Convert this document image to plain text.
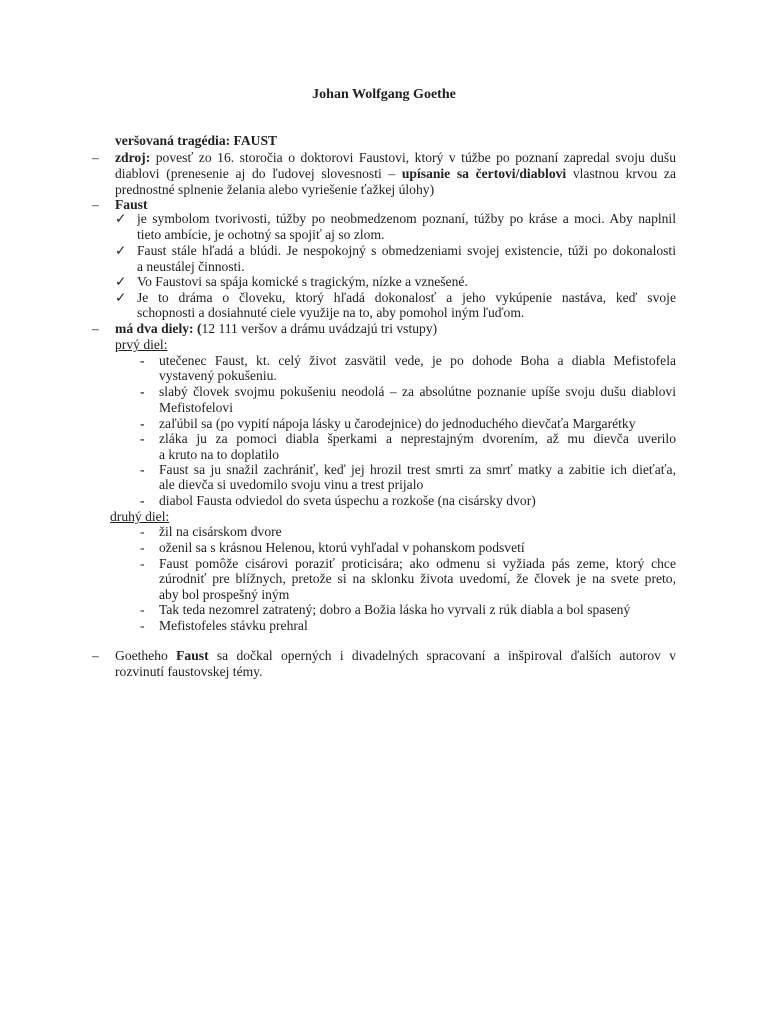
Johan Wolfgang Goethe
veršovaná tragédia: FAUST
– zdroj: povesť zo 16. storočia o doktorovi Faustovi, ktorý v túžbe po poznaní zapredal svoju dušu
diablovi (prenesenie aj do ľudovej slovesnosti – upísanie sa čertovi/diablovi vlastnou krvou za
prednostné splnenie želania alebo vyriešenie ťažkej úlohy)
– Faust
✓ je symbolom tvorivosti, túžby po neobmedzenom poznaní, túžby po kráse a moci. Aby naplnil
tieto ambície, je ochotný sa spojiť aj so zlom.
✓ Faust stále hľadá a blúdi. Je nespokojný s obmedzeniami svojej existencie, túži po dokonalosti
a neustálej činnosti.
✓ Vo Faustovi sa spája komické s tragickým, nízke a vznešené.
✓ Je to dráma o človeku, ktorý hľadá dokonalosť a jeho vykúpenie nastáva, keď svoje
schopnosti a dosiahnuté ciele využije na to, aby pomohol iným ľuďom.
– má dva diely: (12 111 veršov a drámu uvádzajú tri vstupy)
prvý diel:
- utečenec Faust, kt. celý život zasvätil vede, je po dohode Boha a diabla Mefistofela
vystavený pokušeniu.
- slabý človek svojmu pokušeniu neodolá – za absolútne poznanie upíše svoju dušu diablovi
Mefistofelovi
- zaľúbil sa (po vypití nápoja lásky u čarodejnice) do jednoduchého dievčaťa Margarétky
- zláka ju za pomoci diabla šperkami a neprestajným dvorením, až mu dievča uverilo
a kruto na to doplatilo
- Faust sa ju snažil zachrániť, keď jej hrozil trest smrti za smrť matky a zabitie ich dieťaťa,
ale dievča si uvedomilo svoju vinu a trest prijalo
- diabol Fausta odviedol do sveta úspechu a rozkoše (na cisársky dvor)
druhý diel:
- žil na cisárskom dvore
- oženil sa s krásnou Helenou, ktorú vyhľadal v pohanskom podsvetí
- Faust pomôže cisárovi poraziť proticisára; ako odmenu si vyžiada pás zeme, ktorý chce
zúrodniť pre blížnych, pretože si na sklonku života uvedomí, že človek je na svete preto,
aby bol prospešný iným
- Tak teda nezomrel zatratený; dobro a Božia láska ho vyrvali z rúk diabla a bol spasený
- Mefistofeles stávku prehral
– Goetheho Faust sa dočkal operných i divadelných spracovaní a inšpiroval ďalších autorov v
rozvinutí faustovskej témy.
